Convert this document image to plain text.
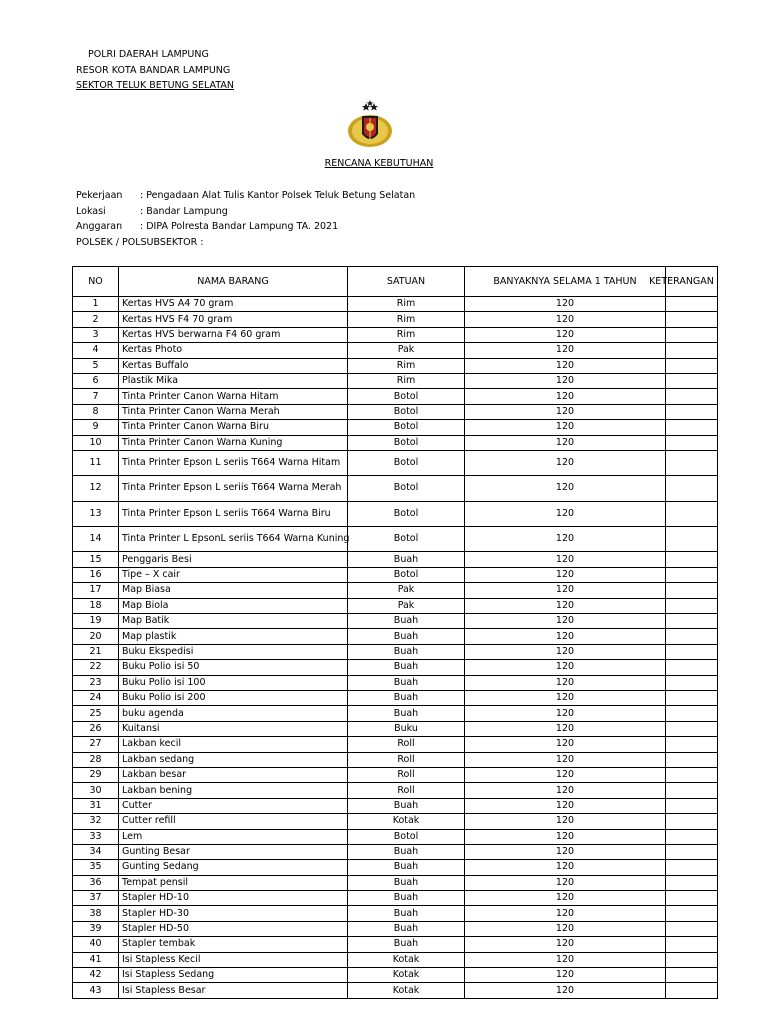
POLRI DAERAH LAMPUNG
RESOR KOTA BANDAR LAMPUNG
SEKTOR TELUK BETUNG SELATAN
RENCANA KEBUTUHAN
Pekerjaan	: Pengadaan Alat Tulis Kantor Polsek Teluk Betung Selatan
Lokasi	: Bandar Lampung
Anggaran	: DIPA Polresta Bandar Lampung TA. 2021
POLSEK / POLSUBSEKTOR :
NO	NAMA BARANG	SATUAN	BANYAKNYA SELAMA 1 TAHUN	KETERANGAN
1	Kertas HVS A4 70 gram	Rim	120	
2	Kertas HVS F4 70 gram	Rim	120	
3	Kertas HVS berwarna F4 60 gram	Rim	120	
4	Kertas Photo	Pak	120	
5	Kertas Buffalo	Rim	120	
6	Plastik Mika	Rim	120	
7	Tinta Printer Canon Warna Hitam	Botol	120	
8	Tinta Printer Canon Warna Merah	Botol	120	
9	Tinta Printer Canon Warna Biru	Botol	120	
10	Tinta Printer Canon Warna Kuning	Botol	120	
11	Tinta Printer Epson L seriis T664 Warna Hitam	Botol	120	
12	Tinta Printer Epson L seriis T664 Warna Merah	Botol	120	
13	Tinta Printer Epson L seriis T664 Warna Biru	Botol	120	
14	Tinta Printer L EpsonL seriis T664 Warna Kuning	Botol	120	
15	Penggaris Besi	Buah	120	
16	Tipe – X cair	Botol	120	
17	Map Biasa	Pak	120	
18	Map Biola	Pak	120	
19	Map Batik	Buah	120	
20	Map plastik	Buah	120	
21	Buku Ekspedisi	Buah	120	
22	Buku Polio isi 50	Buah	120	
23	Buku Polio isi 100	Buah	120	
24	Buku Polio isi 200	Buah	120	
25	buku agenda	Buah	120	
26	Kuitansi	Buku	120	
27	Lakban kecil	Roll	120	
28	Lakban sedang	Roll	120	
29	Lakban besar	Roll	120	
30	Lakban bening	Roll	120	
31	Cutter	Buah	120	
32	Cutter refill	Kotak	120	
33	Lem	Botol	120	
34	Gunting Besar	Buah	120	
35	Gunting Sedang	Buah	120	
36	Tempat pensil	Buah	120	
37	Stapler HD-10	Buah	120	
38	Stapler HD-30	Buah	120	
39	Stapler HD-50	Buah	120	
40	Stapler tembak	Buah	120	
41	Isi Stapless Kecil	Kotak	120	
42	Isi Stapless Sedang	Kotak	120	
43	Isi Stapless Besar	Kotak	120	
